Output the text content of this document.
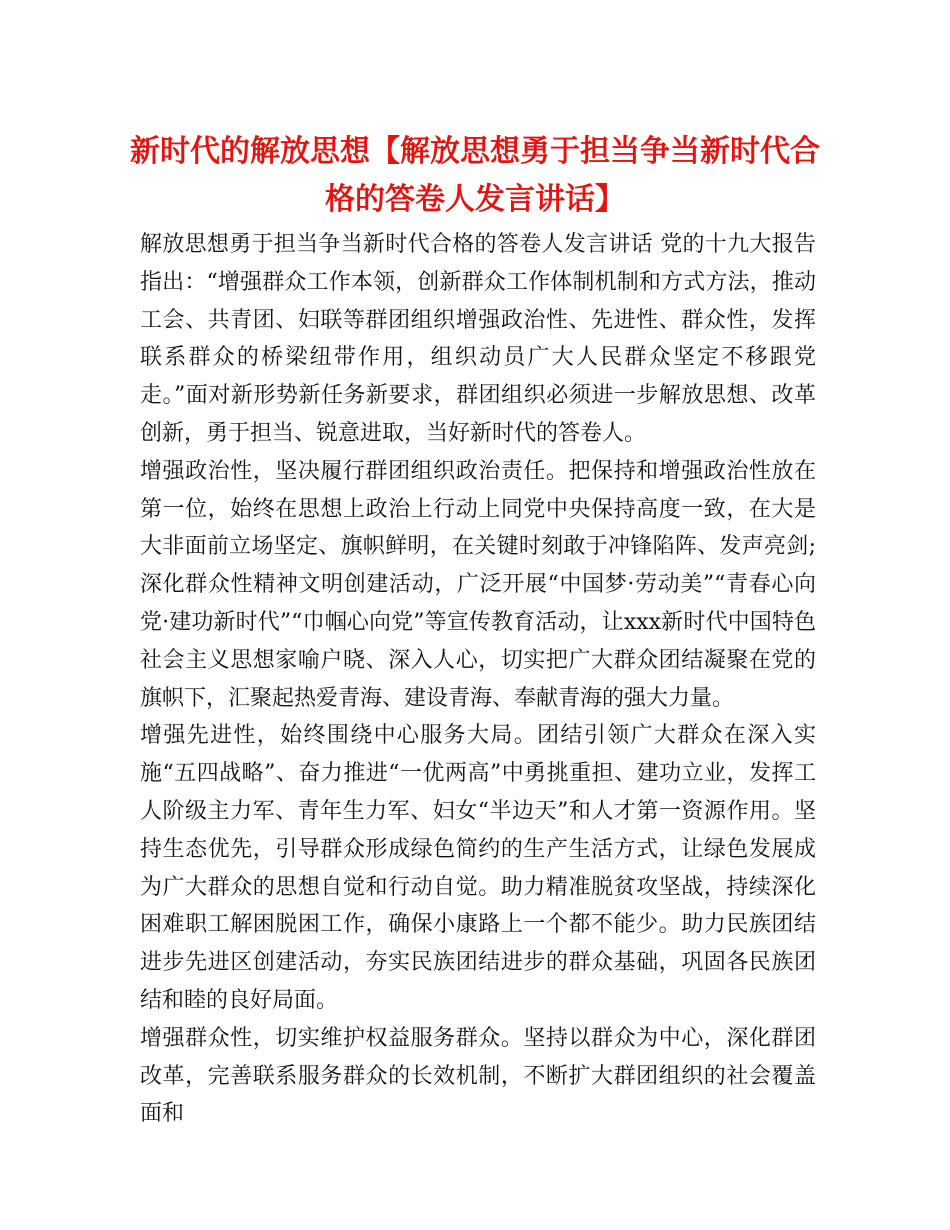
新时代的解放思想【解放思想勇于担当争当新时代合格的答卷人发言讲话】

解放思想勇于担当争当新时代合格的答卷人发言讲话 党的十九大报告指出：“增强群众工作本领，创新群众工作体制机制和方式方法，推动工会、共青团、妇联等群团组织增强政治性、先进性、群众性，发挥联系群众的桥梁纽带作用，组织动员广大人民群众坚定不移跟党走。”面对新形势新任务新要求，群团组织必须进一步解放思想、改革创新，勇于担当、锐意进取，当好新时代的答卷人。

增强政治性，坚决履行群团组织政治责任。把保持和增强政治性放在第一位，始终在思想上政治上行动上同党中央保持高度一致，在大是大非面前立场坚定、旗帜鲜明，在关键时刻敢于冲锋陷阵、发声亮剑;深化群众性精神文明创建活动，广泛开展“中国梦·劳动美”“青春心向党·建功新时代”“巾帼心向党”等宣传教育活动，让xxx新时代中国特色社会主义思想家喻户晓、深入人心，切实把广大群众团结凝聚在党的旗帜下，汇聚起热爱青海、建设青海、奉献青海的强大力量。

增强先进性，始终围绕中心服务大局。团结引领广大群众在深入实施“五四战略”、奋力推进“一优两高”中勇挑重担、建功立业，发挥工人阶级主力军、青年生力军、妇女“半边天”和人才第一资源作用。坚持生态优先，引导群众形成绿色简约的生产生活方式，让绿色发展成为广大群众的思想自觉和行动自觉。助力精准脱贫攻坚战，持续深化困难职工解困脱困工作，确保小康路上一个都不能少。助力民族团结进步先进区创建活动，夯实民族团结进步的群众基础，巩固各民族团结和睦的良好局面。

增强群众性，切实维护权益服务群众。坚持以群众为中心，深化群团改革，完善联系服务群众的长效机制，不断扩大群团组织的社会覆盖面和
